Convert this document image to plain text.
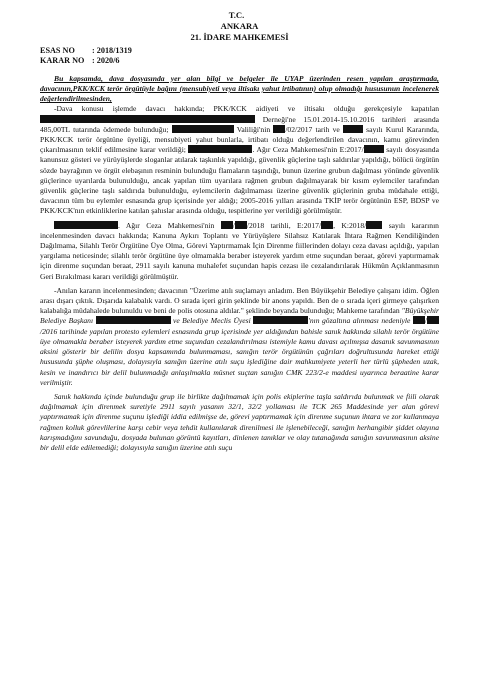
T.C.
ANKARA
21. İDARE MAHKEMESİ
ESAS NO : 2018/1319
KARAR NO : 2020/6

Bu kapsamda, dava dosyasında yer alan bilgi ve belgeler ile UYAP üzerinden resen yapılan araştırmada, davacının,PKK/KCK terör örgütüyle bağını (mensubiyeti veya iltisakı yahut irtibatının) olup olmadığı hususunun incelenerek değerlendirilmesinden,

-Dava konusu işlemde davacı hakkında; PKK/KCK aidiyeti ve iltisakı olduğu gerekçesiyle kapatılan  Derneği'ne 15.01.2014-15.10.2016 tarihleri arasında 485,00TL tutarında ödemede bulunduğu;	Valiliği'nin /02/2017 tarih ve	sayılı Kurul Kararında, PKK/KCK terör örgütüne üyeliği, mensubiyeti yahut bunlarla, irtibatı olduğu değerlendirilen davacının, kamu görevinden çıkarılmasının teklif edilmesine karar verildiği;	. Ağır Ceza Mahkemesi'nin E:2017/	sayılı dosyasında kanunsuz gösteri ve yürüyüşlerde sloganlar atılarak taşkınlık yapıldığı, güvenlik güçlerine taşlı saldırılar yapıldığı, bölücü örgütün sözde bayrağının ve örgüt elebaşının resminin bulunduğu flamaların taşındığı, bunun üzerine grubun dağılması yönünde güvenlik güçlerince uyarılarda bulunulduğu, ancak yapılan tüm uyarılara rağmen grubun dağılmayarak bir kısım eylemciler tarafından güvenlik güçlerine taşlı saldırıda bulunulduğu, eylemcilerin dağılmaması üzerine güvenlik güçlerinin gruba müdahale ettiği, davacının tüm bu eylemler esnasında grup içerisinde yer aldığı; 2005-2016 yılları arasında TKİP terör örgütünün ESP, BDSP ve PKK/KCK'nın etkinliklerine katılan şahıslar arasında olduğu, tespitlerine yer verildiği görülmüştür.

. Ağır Ceza Mahkemesi'nin / /2018 tarihli, E:2017/ , K:2018/	sayılı kararının incelenmesinden davacı hakkında; Kanuna Aykırı Toplantı ve Yürüyüşlere Silahsız Katılarak İhtara Rağmen Kendiliğinden Dağılmama, Silahlı Terör Örgütüne Üye Olma, Görevi Yaptırmamak İçin Direnme fiillerinden dolayı ceza davası açıldığı, yapılan yargılama neticesinde; silahlı terör örgütüne üye olmamakla beraber isteyerek yardım etme suçundan beraat, görevi yaptırmamak için direnme suçundan beraat, 2911 sayılı kanuna muhalefet suçundan hapis cezası ile cezalandırılarak Hükmün Açıklanmasının Geri Bırakılması kararı verildiği görülmüştür.

-Anılan kararın incelenmesinden; davacının "Üzerime atılı suçlamayı anladım. Ben Büyükşehir Belediye çalışanı idim. Öğlen arası dışarı çıktık. Dışarıda kalabalık vardı. O sırada içeri girin şeklinde bir anons yapıldı. Ben de o sırada içeri girmeye çalışırken kalabalığa müdahalede bulunuldu ve beni de polis otosuna aldılar." şeklinde beyanda bulunduğu; Mahkeme tarafından "Büyükşehir Belediye Başkanı	ve Belediye Meclis Üyesi	'nın gözaltına alınması nedeniyle //2016 tarihinde yapılan protesto eylemleri esnasında grup içerisinde yer aldığından bahisle sanık hakkında silahlı terör örgütüne üye olmamakla beraber isteyerek yardım etme suçundan cezalandırılması istemiyle kamu davası açılmışsa dasanık savunmasının aksini gösterir bir delilin dosya kapsamında bulunmaması, sanığın terör örgütünün çağrıları doğrultusunda hareket ettiği hususunda şüphe oluşması, dolayısıyla sanığın üzerine atılı suçu işlediğine dair mahkumiyete yeterli her türlü şüpheden uzak, kesin ve inandırıcı bir delil bulunmadığı anlaşılmakla müsnet suçtan sanığın CMK 223/2-e maddesi uyarınca beraatine karar verilmiştir.

Sanık hakkında içinde bulunduğu grup ile birlikte dağılmamak için polis ekiplerine taşla saldırıda bulunmak ve fiili olarak dağılmamak için direnmek suretiyle 2911 sayılı yasanın 32/1, 32/2 yollaması ile TCK 265 Maddesinde yer alan görevi yaptırmamak için direnme suçunu işlediği iddia edilmişse de, görevi yaptırmamak için direnme suçunun ihtara ve zor kullanmaya rağmen kolluk görevlilerine karşı cebir veya tehdit kullanılarak direnilmesi ile işlenebileceği, sanığın herhangibir şiddet olayına karışmadığını savunduğu, dosyada bulunan görüntü kayıtları, dinlenen tanıklar ve olay tutanağında sanığın savunmasının aksine bir delil elde edilemediği; dolayısıyla sanığın üzerine atılı suçu
